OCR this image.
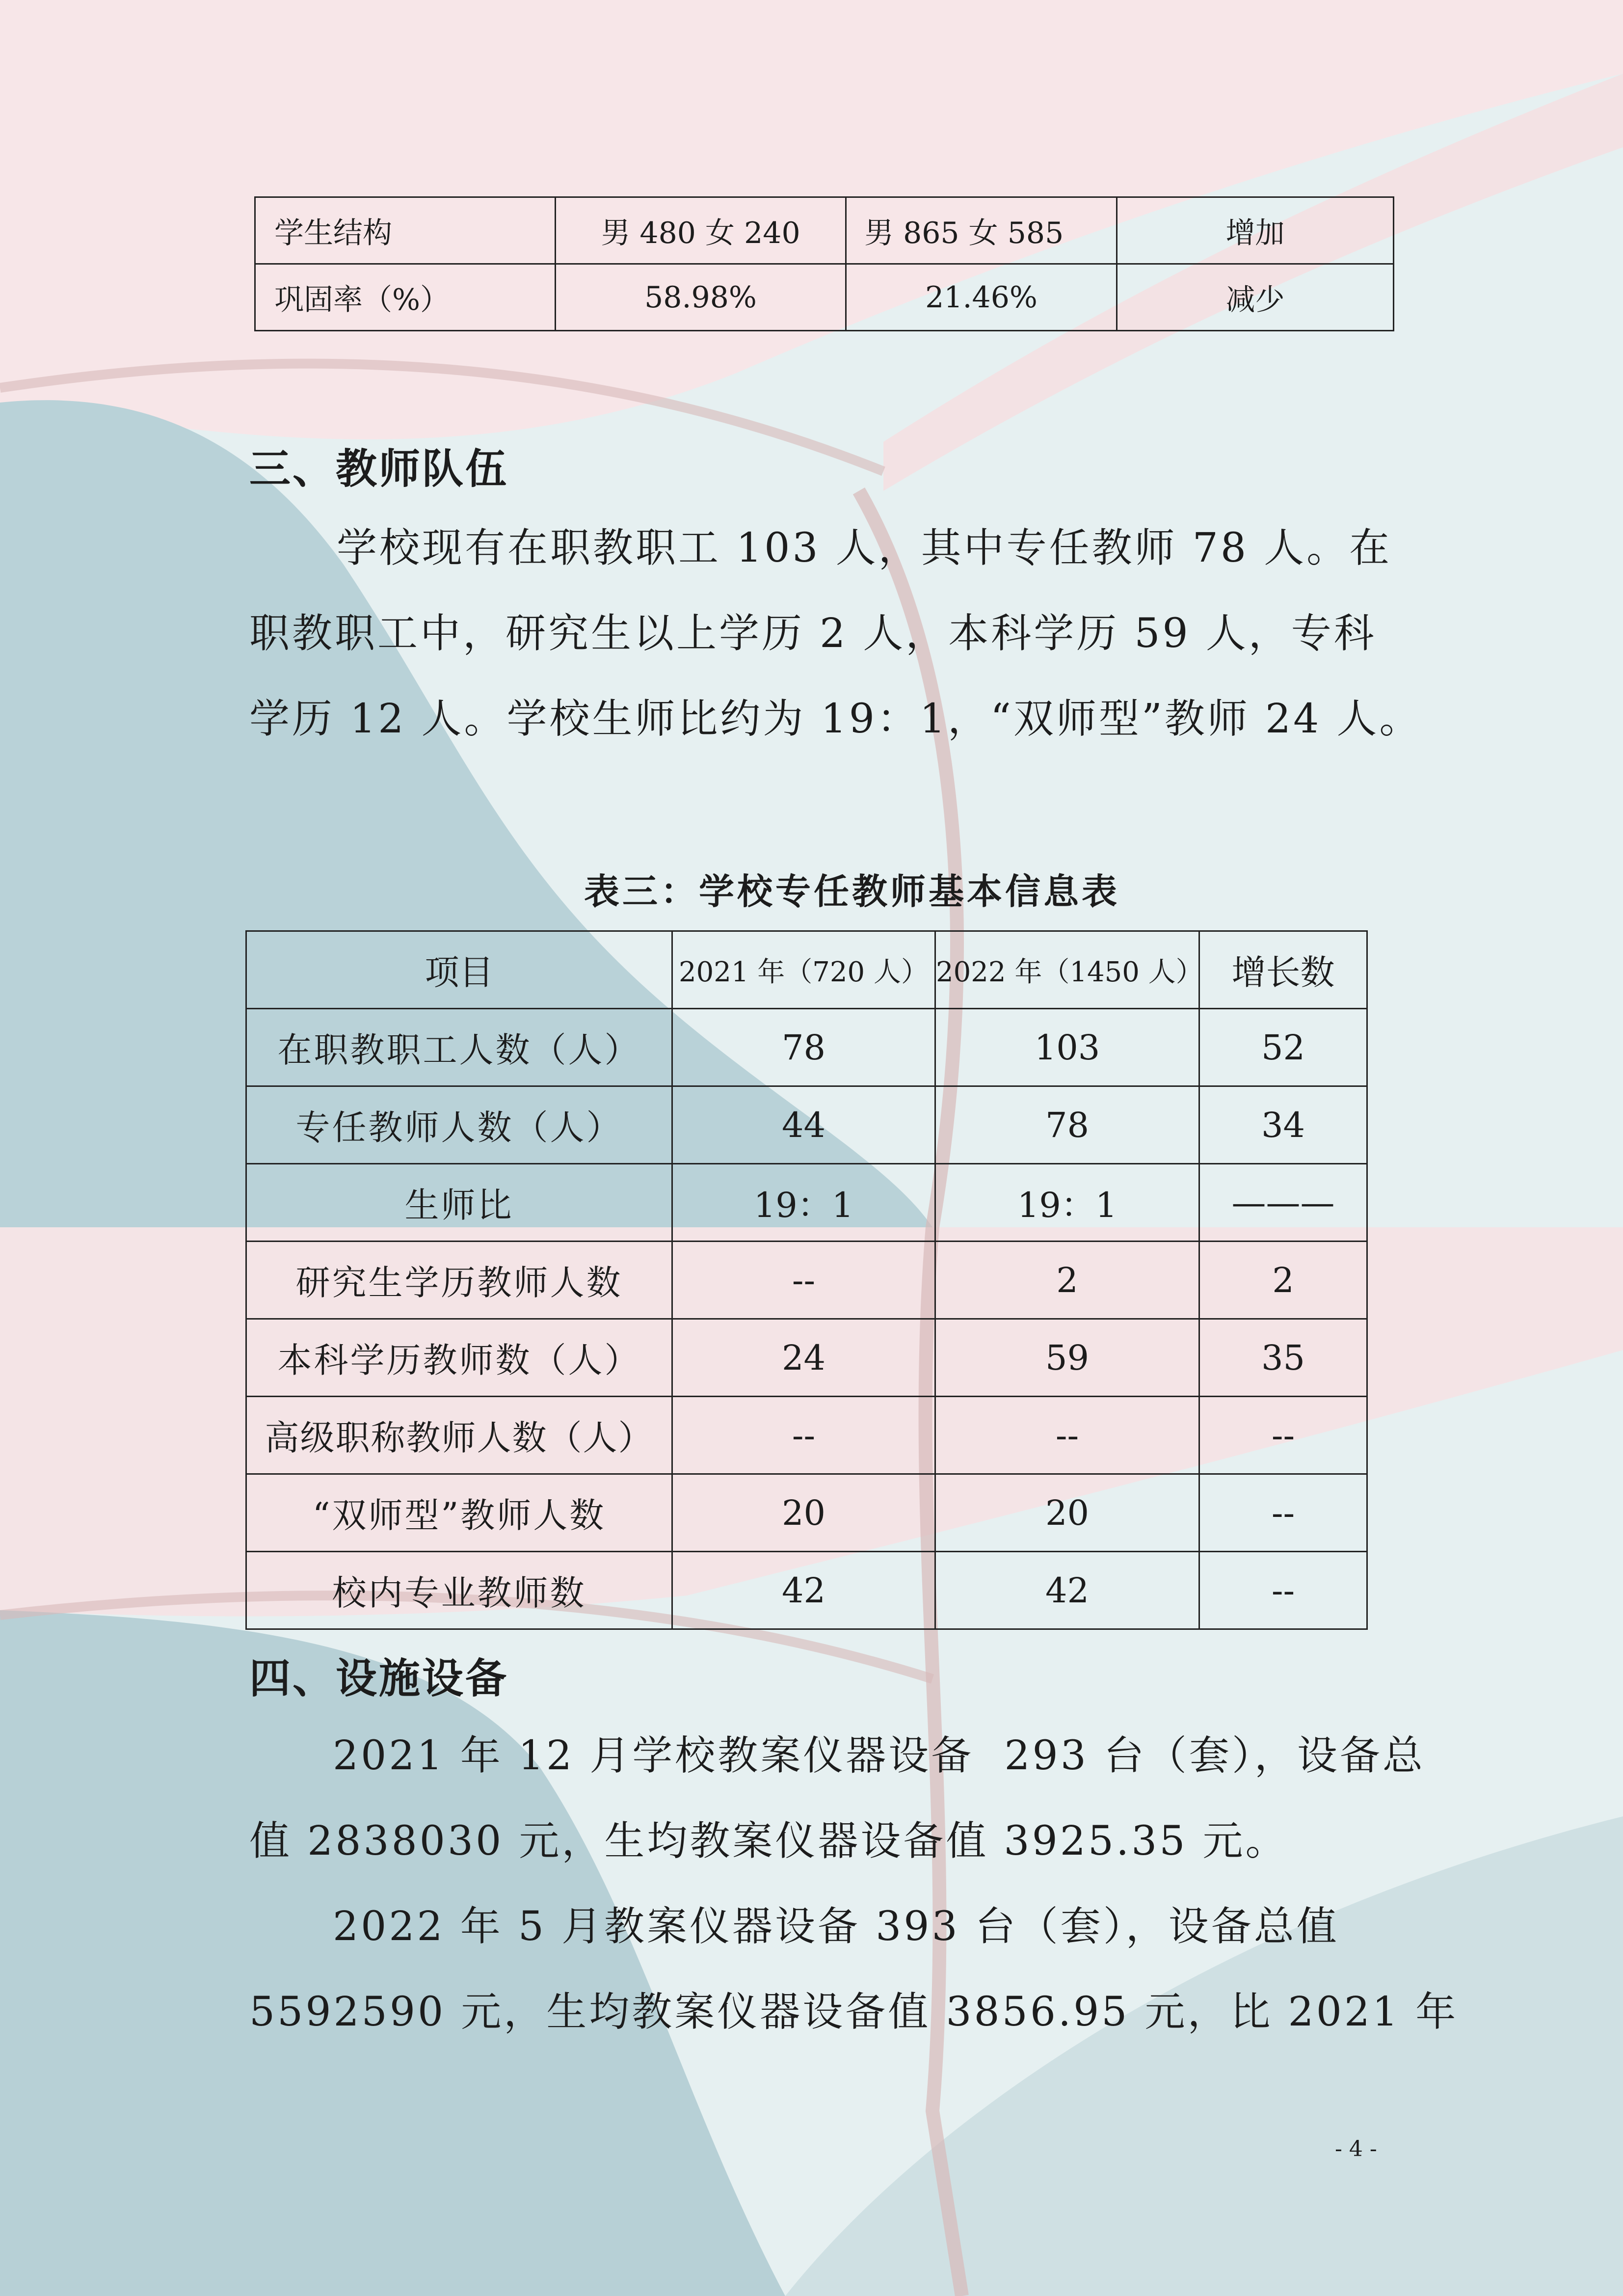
学生结构	男 480 女 240	男 865 女 585	增加
巩固率（%）	58.98%	21.46%	减少
三、教师队伍

学校现有在职教职工 103 人，其中专任教师 78 人。在
职教职工中，研究生以上学历 2 人，本科学历 59 人，专科
学历 12 人。学校生师比约为 19：1，“双师型”教师 24 人。

表三：学校专任教师基本信息表
项目	2021 年（720 人）	2022 年（1450 人）	增长数
在职教职工人数（人）	78	103	52
专任教师人数（人）	44	78	34
生师比	19：1	19：1	———
研究生学历教师人数	--	2	2
本科学历教师数（人）	24	59	35
高级职称教师人数（人）	--	--	--
“双师型”教师人数	20	20	--
校内专业教师数	42	42	--
四、设施设备

2021 年 12 月学校教案仪器设备  293 台（套），设备总
值 2838030 元，生均教案仪器设备值 3925.35 元。

2022 年 5 月教案仪器设备 393 台（套），设备总值
5592590 元，生均教案仪器设备值 3856.95 元，比 2021 年

- 4 -
